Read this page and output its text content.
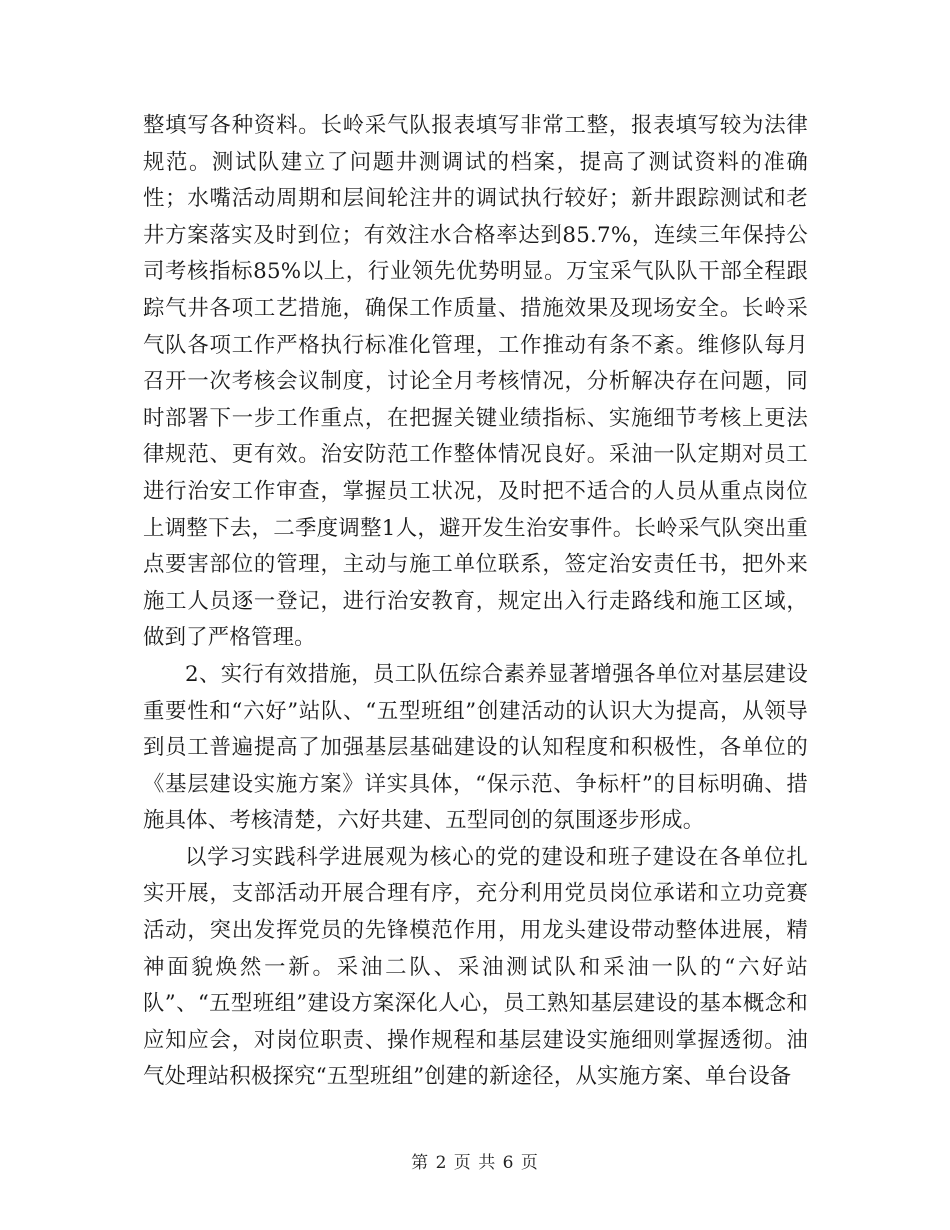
整填写各种资料。长岭采气队报表填写非常工整，报表填写较为法律规范。测试队建立了问题井测调试的档案，提高了测试资料的准确性；水嘴活动周期和层间轮注井的调试执行较好；新井跟踪测试和老井方案落实及时到位；有效注水合格率达到85.7%，连续三年保持公司考核指标85%以上，行业领先优势明显。万宝采气队队干部全程跟踪气井各项工艺措施，确保工作质量、措施效果及现场安全。长岭采气队各项工作严格执行标准化管理，工作推动有条不紊。维修队每月召开一次考核会议制度，讨论全月考核情况，分析解决存在问题，同时部署下一步工作重点，在把握关键业绩指标、实施细节考核上更法律规范、更有效。治安防范工作整体情况良好。采油一队定期对员工进行治安工作审查，掌握员工状况，及时把不适合的人员从重点岗位上调整下去，二季度调整1人，避开发生治安事件。长岭采气队突出重点要害部位的管理，主动与施工单位联系，签定治安责任书，把外来施工人员逐一登记，进行治安教育，规定出入行走路线和施工区域，做到了严格管理。

2、实行有效措施，员工队伍综合素养显著增强各单位对基层建设重要性和“六好”站队、“五型班组”创建活动的认识大为提高，从领导到员工普遍提高了加强基层基础建设的认知程度和积极性，各单位的《基层建设实施方案》详实具体，“保示范、争标杆”的目标明确、措施具体、考核清楚，六好共建、五型同创的氛围逐步形成。

以学习实践科学进展观为核心的党的建设和班子建设在各单位扎实开展，支部活动开展合理有序，充分利用党员岗位承诺和立功竞赛活动，突出发挥党员的先锋模范作用，用龙头建设带动整体进展，精神面貌焕然一新。采油二队、采油测试队和采油一队的“六好站队”、“五型班组”建设方案深化人心，员工熟知基层建设的基本概念和应知应会，对岗位职责、操作规程和基层建设实施细则掌握透彻。油气处理站积极探究“五型班组”创建的新途径，从实施方案、单台设备

第 2 页 共 6 页
